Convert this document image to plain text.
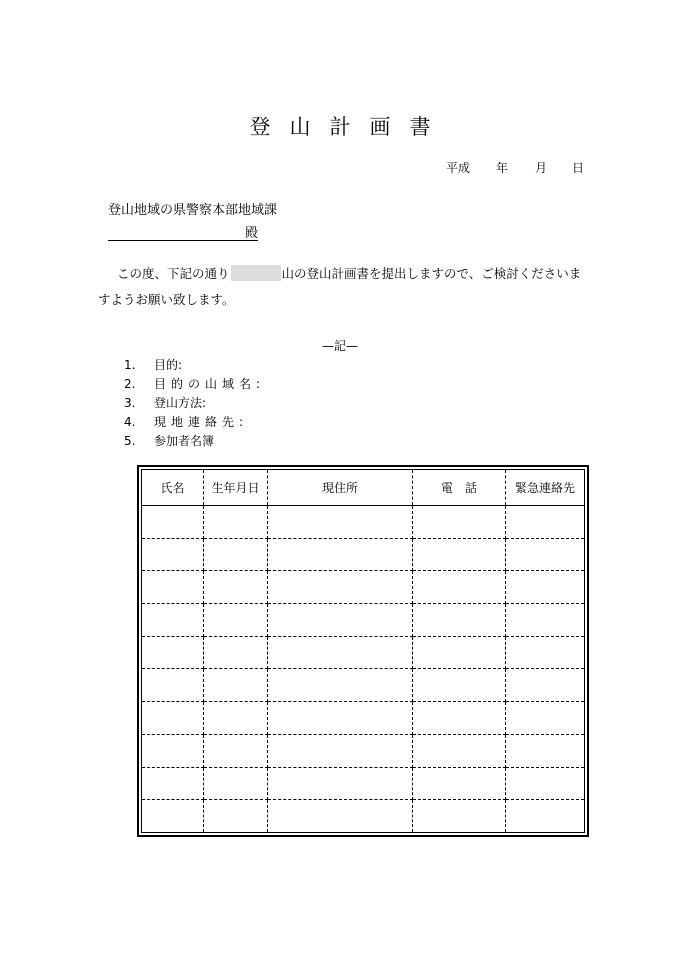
登山計画書
平成 年 月 日
登山地域の県警察本部地域課
殿
この度、下記の通り	山の登山計画書を提出しますので、ご検討くださいま
すようお願い致します。
—記—
1. 目的:
2. 目的の山域名:
3. 登山方法:
4. 現地連絡先:
5. 参加者名簿
氏名	生年月日	現住所	電　話	緊急連絡先
